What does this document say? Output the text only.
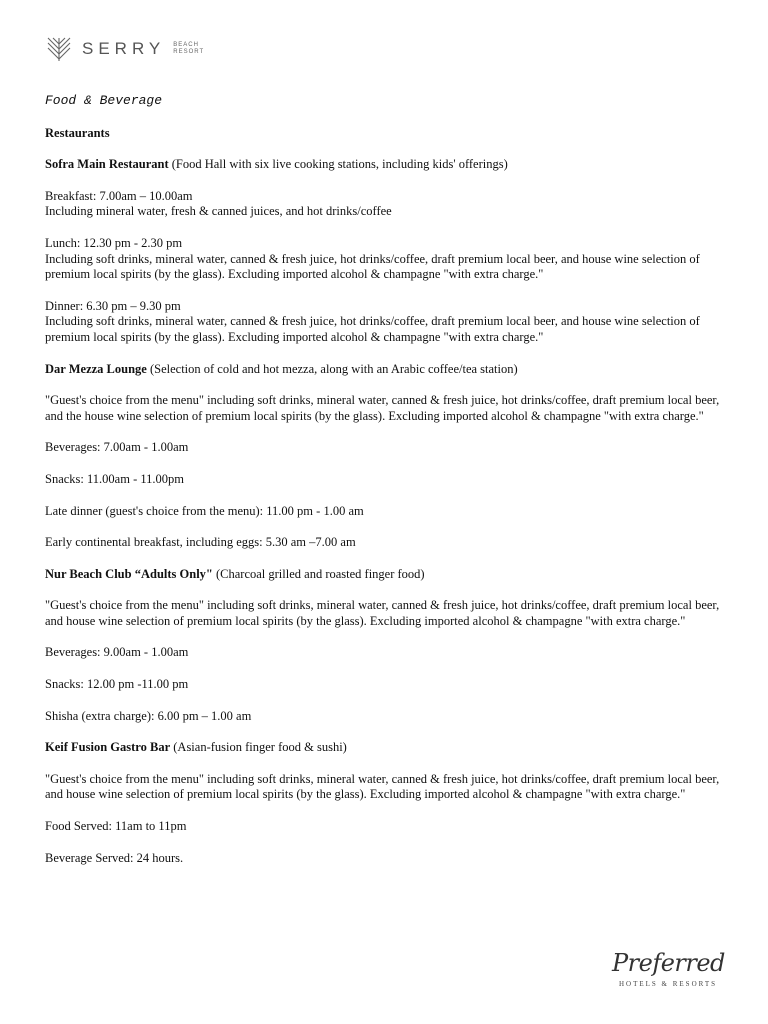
SERRY BEACH
RESORT
Food & Beverage
Restaurants

Sofra Main Restaurant (Food Hall with six live cooking stations, including kids' offerings)

Breakfast: 7.00am – 10.00am
Including mineral water, fresh & canned juices, and hot drinks/coffee

Lunch: 12.30 pm - 2.30 pm
Including soft drinks, mineral water, canned & fresh juice, hot drinks/coffee, draft premium local beer, and house wine selection of premium local spirits (by the glass). Excluding imported alcohol & champagne "with extra charge."

Dinner: 6.30 pm – 9.30 pm
Including soft drinks, mineral water, canned & fresh juice, hot drinks/coffee, draft premium local beer, and house wine selection of premium local spirits (by the glass). Excluding imported alcohol & champagne "with extra charge."

Dar Mezza Lounge (Selection of cold and hot mezza, along with an Arabic coffee/tea station)

"Guest's choice from the menu" including soft drinks, mineral water, canned & fresh juice, hot drinks/coffee, draft premium local beer, and the house wine selection of premium local spirits (by the glass). Excluding imported alcohol & champagne "with extra charge."

Beverages: 7.00am - 1.00am

Snacks: 11.00am - 11.00pm

Late dinner (guest's choice from the menu): 11.00 pm - 1.00 am

Early continental breakfast, including eggs: 5.30 am –7.00 am

Nur Beach Club “Adults Only" (Charcoal grilled and roasted finger food)

"Guest's choice from the menu" including soft drinks, mineral water, canned & fresh juice, hot drinks/coffee, draft premium local beer, and house wine selection of premium local spirits (by the glass). Excluding imported alcohol & champagne "with extra charge."

Beverages: 9.00am - 1.00am

Snacks: 12.00 pm -11.00 pm

Shisha (extra charge): 6.00 pm – 1.00 am

Keif Fusion Gastro Bar (Asian-fusion finger food & sushi)

"Guest's choice from the menu" including soft drinks, mineral water, canned & fresh juice, hot drinks/coffee, draft premium local beer, and house wine selection of premium local spirits (by the glass). Excluding imported alcohol & champagne "with extra charge."

Food Served: 11am to 11pm

Beverage Served: 24 hours.

Preferred
HOTELS & RESORTS
